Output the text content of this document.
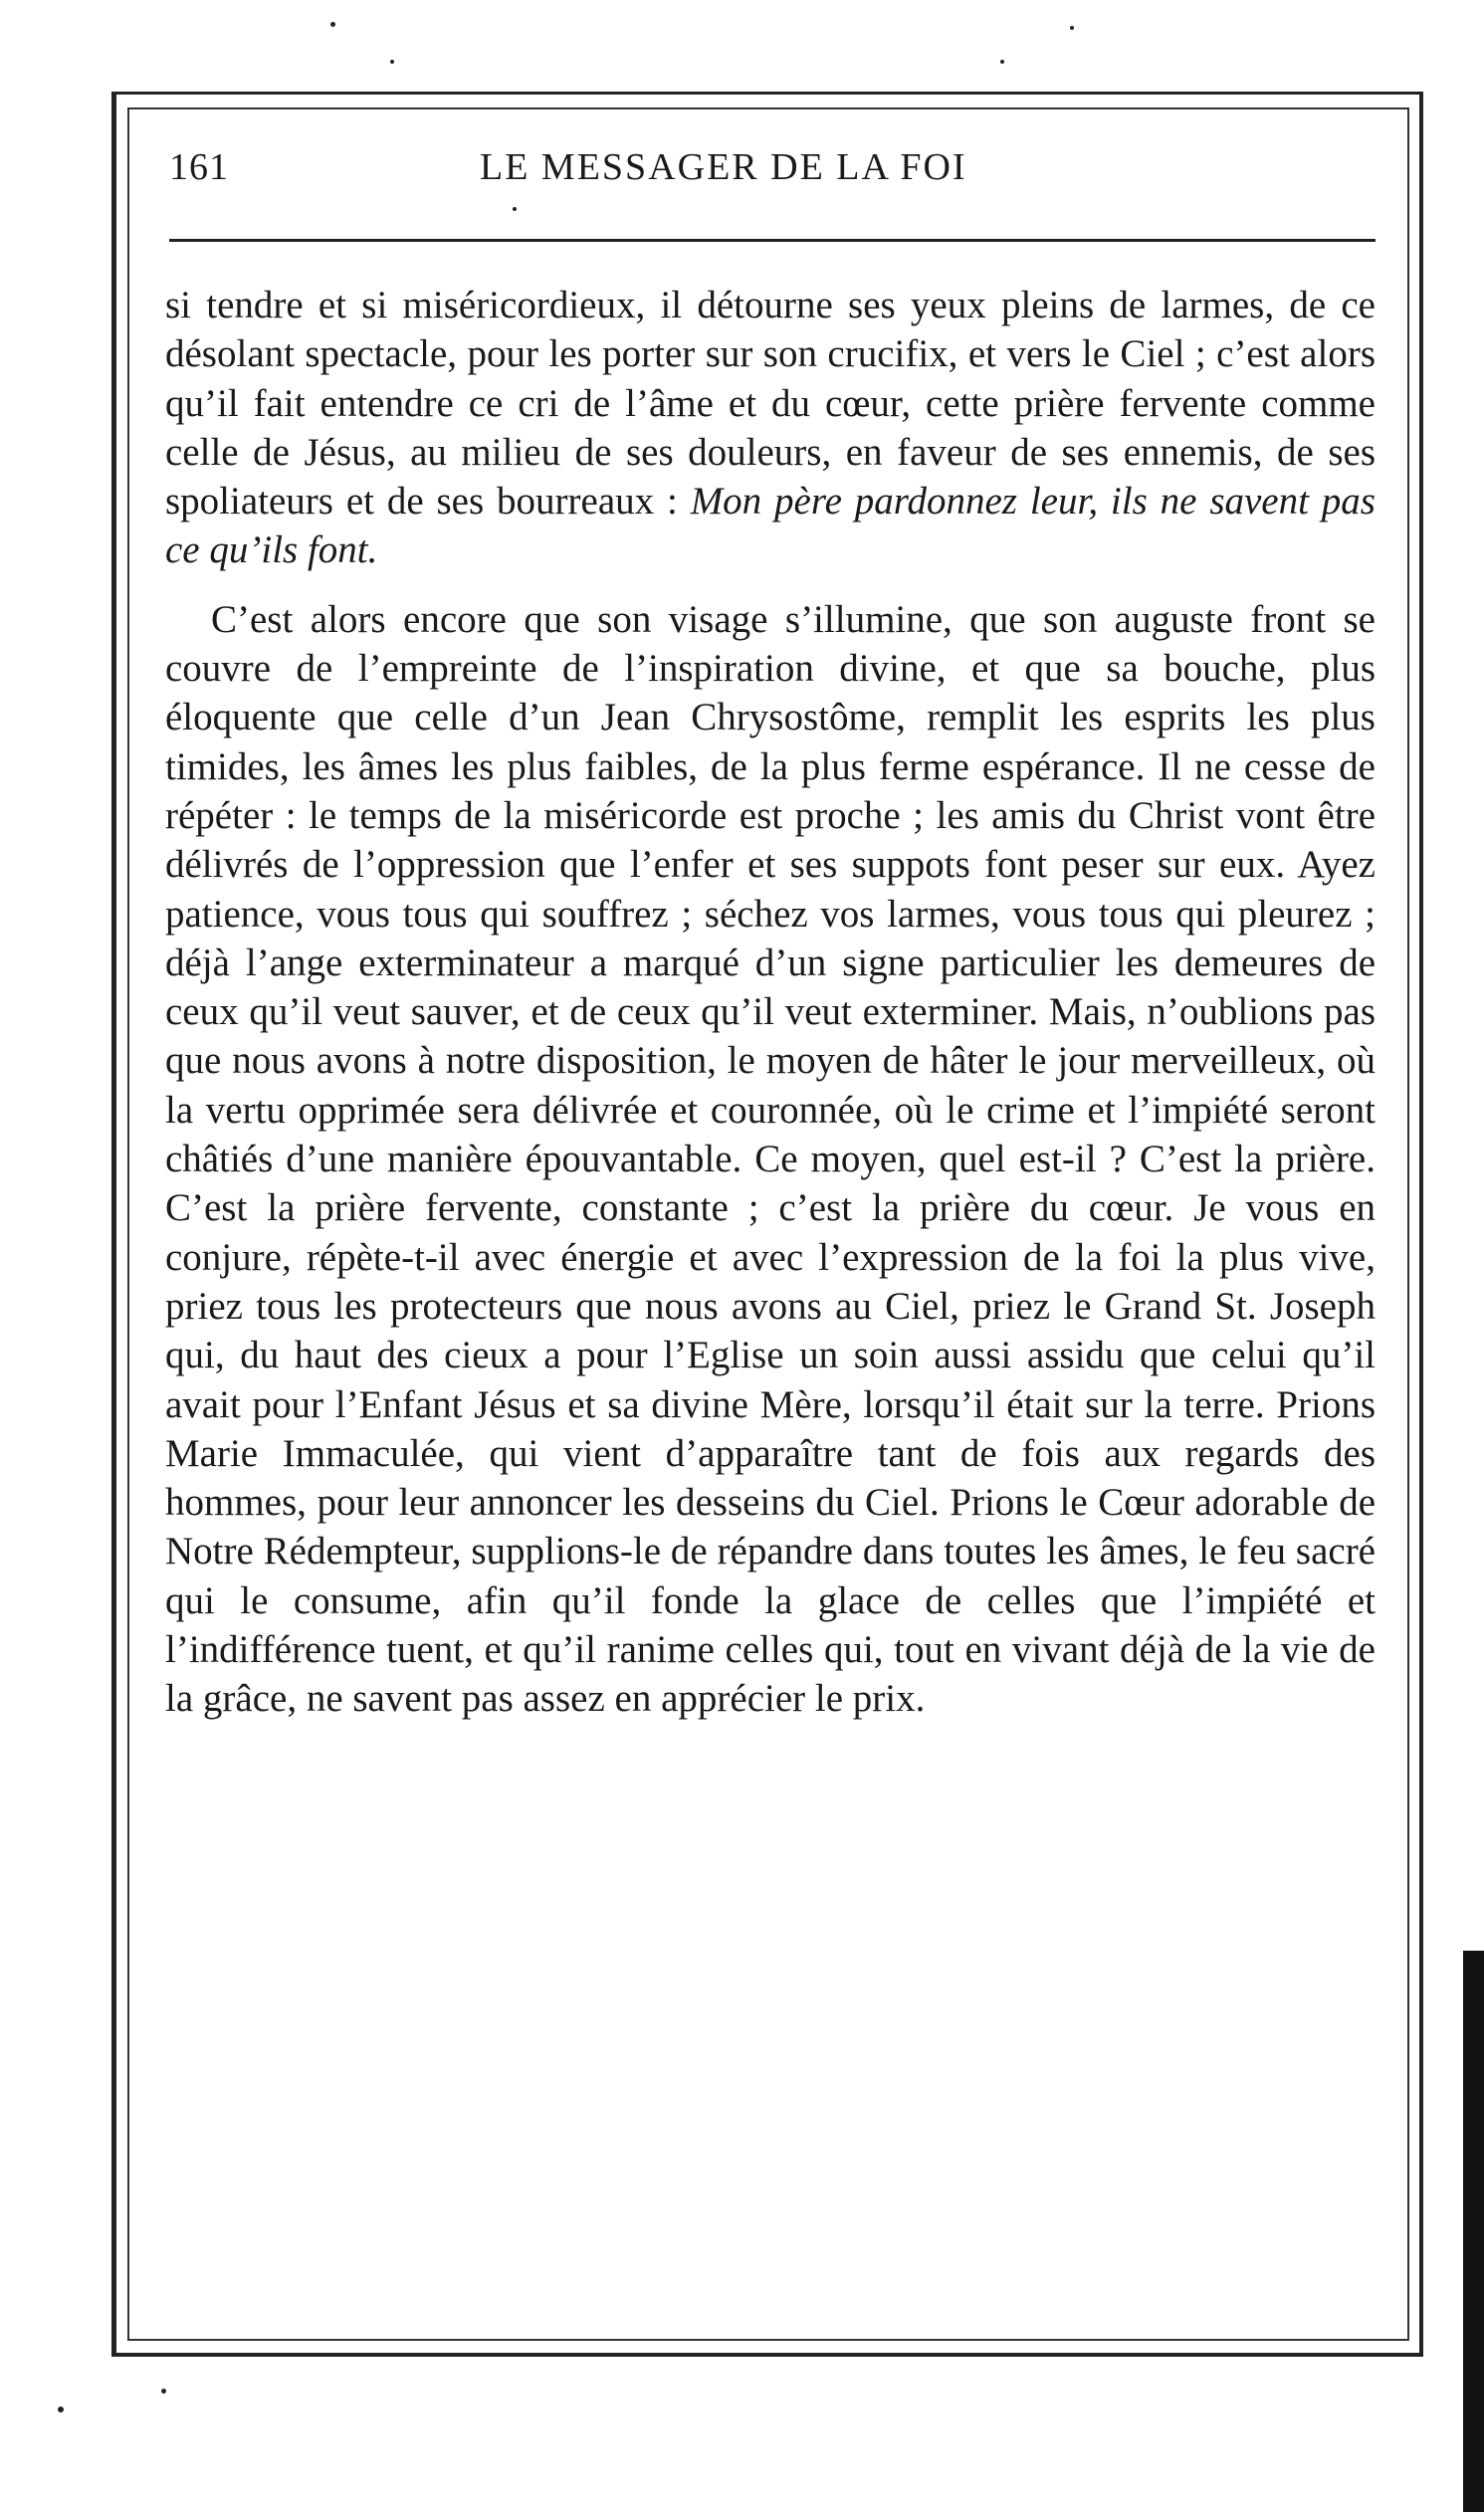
161	LE MESSAGER DE LA FOI

si tendre et si miséricordieux, il détourne ses yeux pleins de larmes, de ce désolant spectacle, pour les porter sur son crucifix, et vers le Ciel ; c’est alors qu’il fait entendre ce cri de l’âme et du cœur, cette prière fervente comme celle de Jésus, au milieu de ses douleurs, en faveur de ses ennemis, de ses spoliateurs et de ses bourreaux : Mon père pardonnez leur, ils ne savent pas ce qu’ils font.

C’est alors encore que son visage s’illumine, que son auguste front se couvre de l’empreinte de l’inspiration divine, et que sa bouche, plus éloquente que celle d’un Jean Chrysostôme, remplit les esprits les plus timides, les âmes les plus faibles, de la plus ferme espérance. Il ne cesse de répéter : le temps de la miséricorde est proche ; les amis du Christ vont être délivrés de l’oppression que l’enfer et ses suppots font peser sur eux. Ayez patience, vous tous qui souffrez ; séchez vos larmes, vous tous qui pleurez ; déjà l’ange exterminateur a marqué d’un signe particulier les demeures de ceux qu’il veut sauver, et de ceux qu’il veut exterminer. Mais, n’oublions pas que nous avons à notre disposition, le moyen de hâter le jour merveilleux, où la vertu opprimée sera délivrée et couronnée, où le crime et l’impiété seront châtiés d’une manière épouvantable. Ce moyen, quel est-il ? C’est la prière. C’est la prière fervente, constante ; c’est la prière du cœur. Je vous en conjure, répète-t-il avec énergie et avec l’expression de la foi la plus vive, priez tous les protecteurs que nous avons au Ciel, priez le Grand St. Joseph qui, du haut des cieux a pour l’Eglise un soin aussi assidu que celui qu’il avait pour l’Enfant Jésus et sa divine Mère, lorsqu’il était sur la terre. Prions Marie Immaculée, qui vient d’apparaître tant de fois aux regards des hommes, pour leur annoncer les desseins du Ciel. Prions le Cœur adorable de Notre Rédempteur, supplions-le de répandre dans toutes les âmes, le feu sacré qui le consume, afin qu’il fonde la glace de celles que l’impiété et l’indifférence tuent, et qu’il ranime celles qui, tout en vivant déjà de la vie de la grâce, ne savent pas assez en apprécier le prix.
